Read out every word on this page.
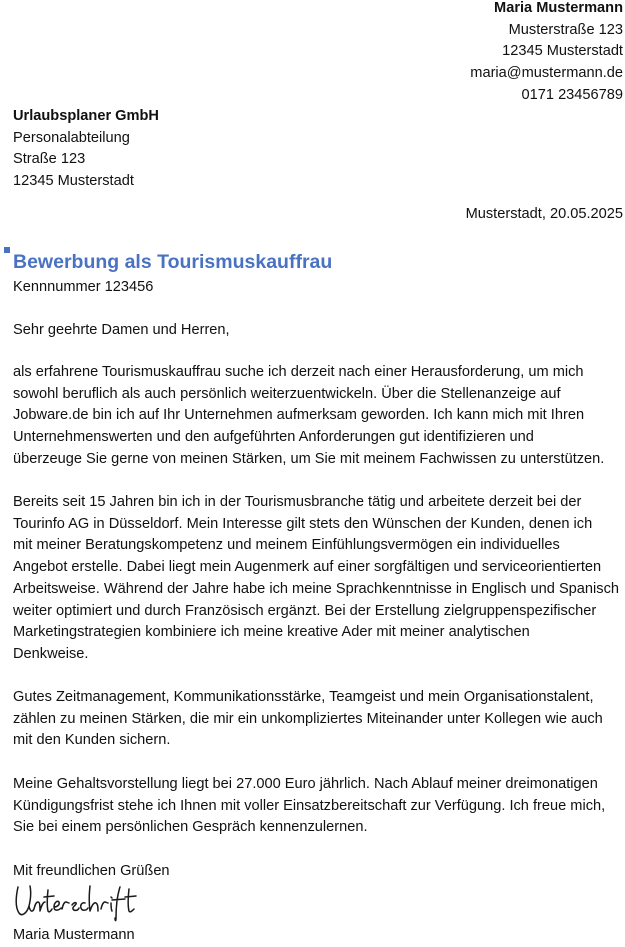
Maria Mustermann
Musterstraße 123
12345 Musterstadt
maria@mustermann.de
0171 23456789
Urlaubsplaner GmbH
Personalabteilung
Straße 123
12345 Musterstadt
Musterstadt, 20.05.2025
Bewerbung als Tourismuskauffrau
Kennnummer 123456
Sehr geehrte Damen und Herren,

als erfahrene Tourismuskauffrau suche ich derzeit nach einer Herausforderung, um mich
sowohl beruflich als auch persönlich weiterzuentwickeln. Über die Stellenanzeige auf
Jobware.de bin ich auf Ihr Unternehmen aufmerksam geworden. Ich kann mich mit Ihren
Unternehmenswerten und den aufgeführten Anforderungen gut identifizieren und
überzeuge Sie gerne von meinen Stärken, um Sie mit meinem Fachwissen zu unterstützen.

Bereits seit 15 Jahren bin ich in der Tourismusbranche tätig und arbeitete derzeit bei der
Tourinfo AG in Düsseldorf. Mein Interesse gilt stets den Wünschen der Kunden, denen ich
mit meiner Beratungskompetenz und meinem Einfühlungsvermögen ein individuelles
Angebot erstelle. Dabei liegt mein Augenmerk auf einer sorgfältigen und serviceorientierten
Arbeitsweise. Während der Jahre habe ich meine Sprachkenntnisse in Englisch und Spanisch
weiter optimiert und durch Französisch ergänzt. Bei der Erstellung zielgruppenspezifischer
Marketingstrategien kombiniere ich meine kreative Ader mit meiner analytischen
Denkweise.

Gutes Zeitmanagement, Kommunikationsstärke, Teamgeist und mein Organisationstalent,
zählen zu meinen Stärken, die mir ein unkompliziertes Miteinander unter Kollegen wie auch
mit den Kunden sichern.

Meine Gehaltsvorstellung liegt bei 27.000 Euro jährlich. Nach Ablauf meiner dreimonatigen
Kündigungsfrist stehe ich Ihnen mit voller Einsatzbereitschaft zur Verfügung. Ich freue mich,
Sie bei einem persönlichen Gespräch kennenzulernen.

Mit freundlichen Grüßen
Maria Mustermann
